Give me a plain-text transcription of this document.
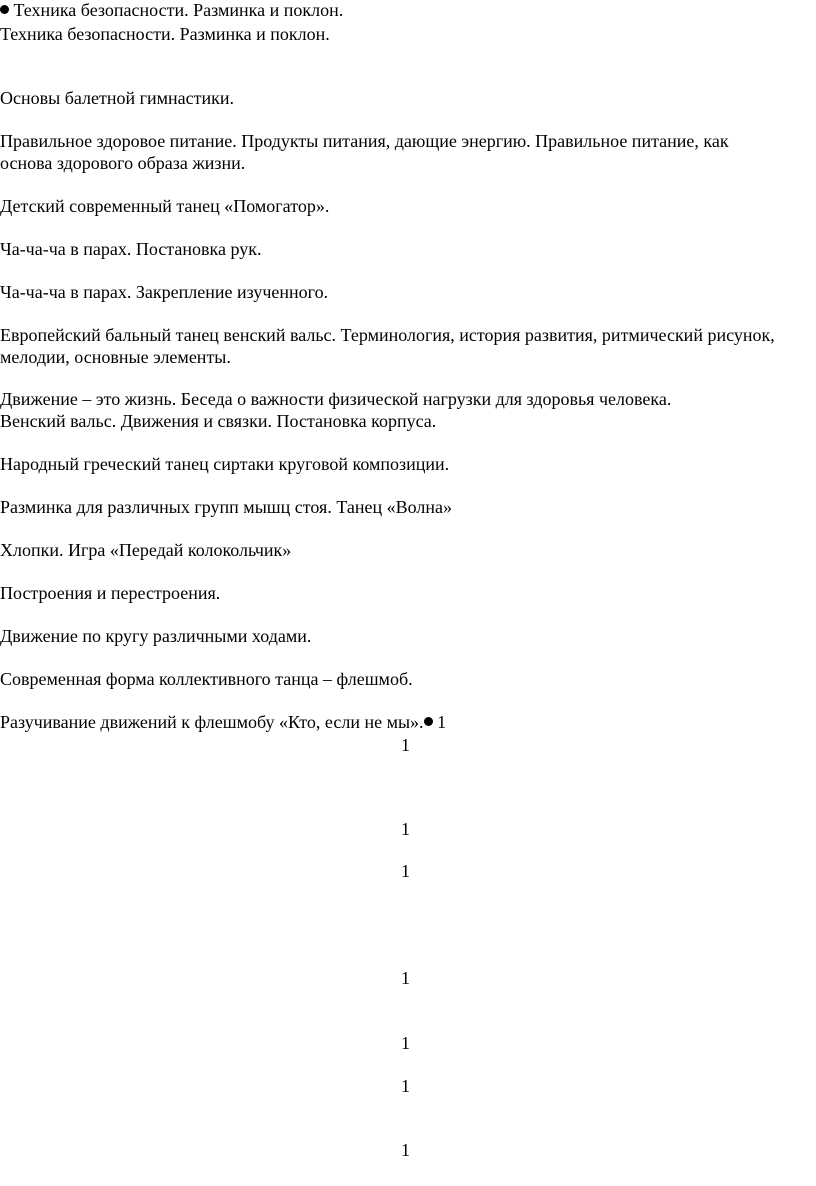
Техника безопасности. Разминка и поклон.
Техника безопасности. Разминка и поклон.
Основы балетной гимнастики.
Правильное здоровое питание. Продукты питания, дающие энергию. Правильное питание, как
основа здорового образа жизни.
Детский современный танец «Помогатор».
Ча-ча-ча в парах. Постановка рук.
Ча-ча-ча в парах. Закрепление изученного.
Европейский бальный танец венский вальс. Терминология, история развития, ритмический рисунок,
мелодии, основные элементы.
Движение – это жизнь. Беседа о важности физической нагрузки для здоровья человека.
Венский вальс. Движения и связки. Постановка корпуса.
Народный греческий танец сиртаки круговой композиции.
Разминка для различных групп мышц стоя. Танец «Волна»
Хлопки. Игра «Передай колокольчик»
Построения и перестроения.
Движение по кругу различными ходами.
Современная форма коллективного танца – флешмоб.
Разучивание движений к флешмобу «Кто, если не мы». 1
1
1
1
1
1
1
1
